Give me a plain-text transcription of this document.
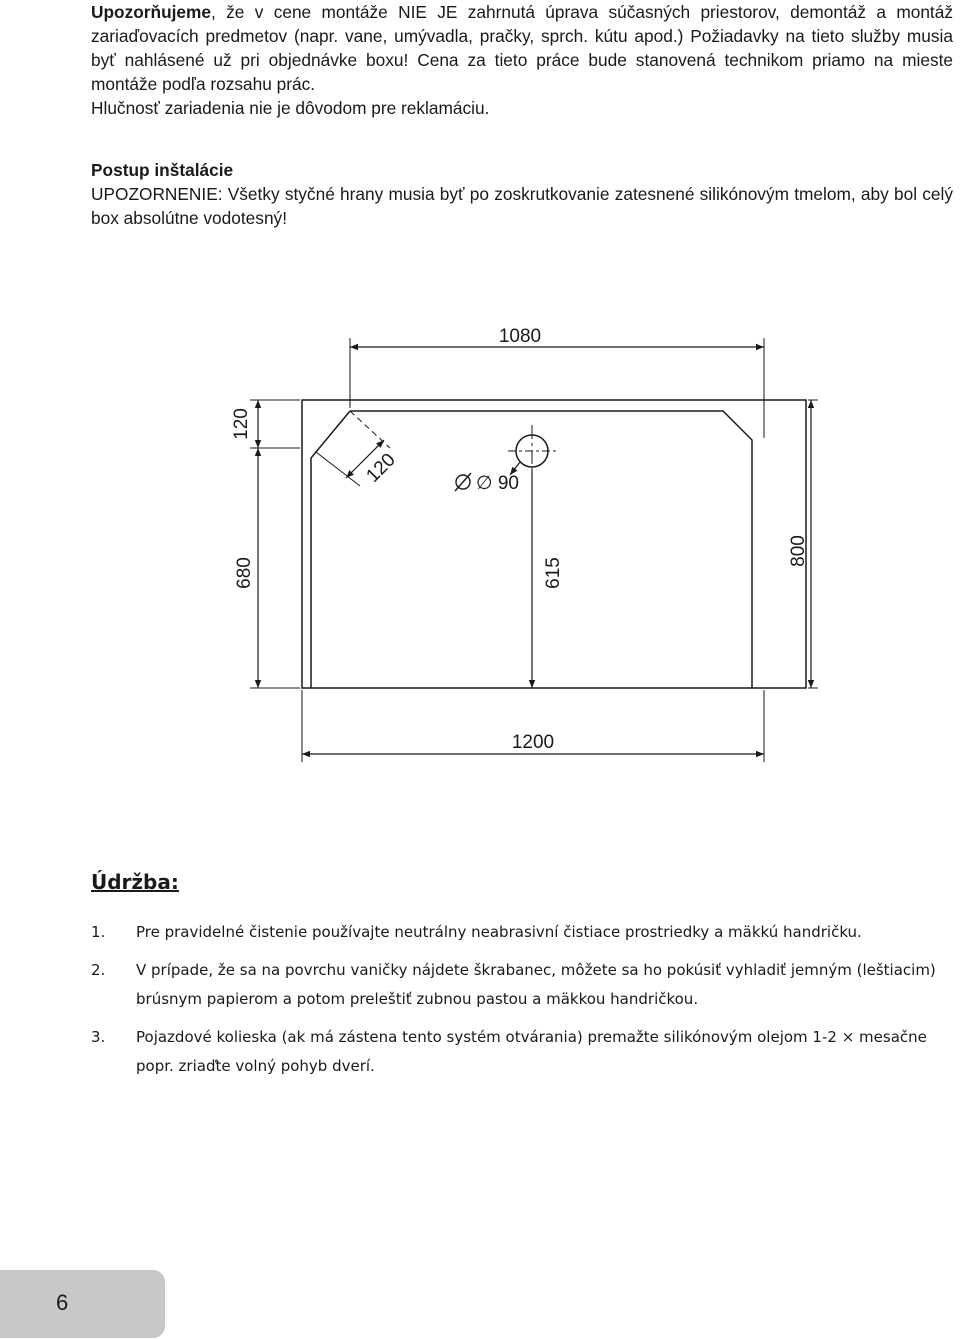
Upozorňujeme, že v cene montáže NIE JE zahrnutá úprava súčasných priestorov, demontáž a montáž zariaďovacích predmetov (napr. vane, umývadla, pračky, sprch. kútu apod.) Požiadavky na tieto služby musia byť nahlásené už pri objednávke boxu! Cena za tieto práce bude stanovená technikom priamo na mieste montáže podľa rozsahu prác.

Hlučnosť zariadenia nie je dôvodom pre reklamáciu.

Postup inštalácie

UPOZORNENIE: Všetky styčné hrany musia byť po zoskrutkovanie zatesnené silikónovým tmelom, aby bol celý box absolútne vodotesný!

1080
1200
120
680	615
800
120	∅ 90

Údržba:

1. Pre pravidelné čistenie používajte neutrálny neabrasivní čistiace prostriedky a mäkkú handričku.
2. V prípade, že sa na povrchu vaničky nájdete škrabanec, môžete sa ho pokúsiť vyhladiť jemným (leštiacim) brúsnym papierom a potom preleštiť zubnou pastou a mäkkou handričkou.
3. Pojazdové kolieska (ak má zástena tento systém otvárania) premažte silikónovým olejom 1-2 × mesačne popr. zriaďte volný pohyb dverí.
6
